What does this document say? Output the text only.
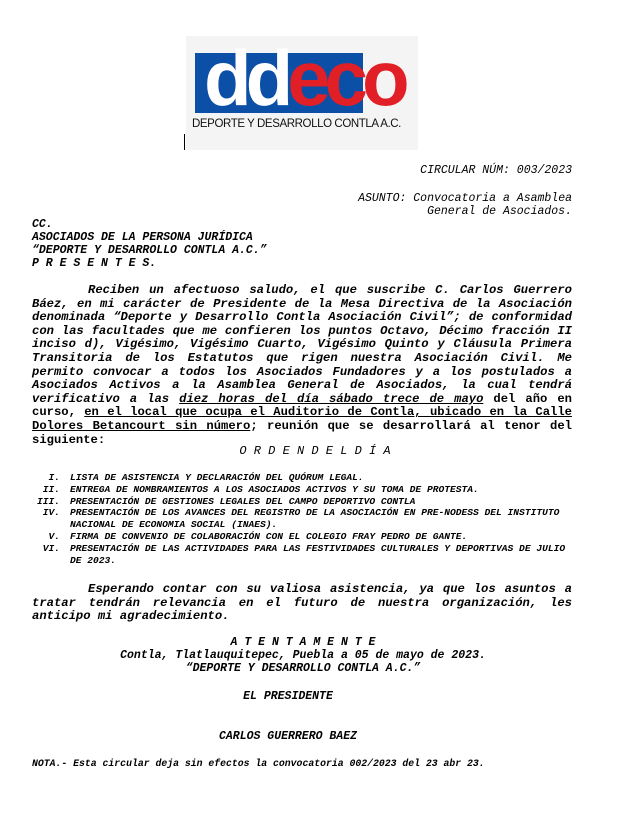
ddeco
DEPORTE Y DESARROLLO CONTLA A.C.
CIRCULAR NÚM: 003/2023
ASUNTO: Convocatoria a Asamblea
General de Asociados.
CC.
ASOCIADOS DE LA PERSONA JURÍDICA
“DEPORTE Y DESARROLLO CONTLA A.C.”
P R E S E N T E S.

Reciben un afectuoso saludo, el que suscribe C. Carlos Guerrero Báez, en mi carácter de Presidente de la Mesa Directiva de la Asociación denominada “Deporte y Desarrollo Contla Asociación Civil”; de conformidad con las facultades que me confieren los puntos Octavo, Décimo fracción II inciso d), Vigésimo, Vigésimo Cuarto, Vigésimo Quinto y Cláusula Primera Transitoria de los Estatutos que rigen nuestra Asociación Civil. Me permito convocar a todos los Asociados Fundadores y a los postulados a Asociados Activos a la Asamblea General de Asociados, la cual tendrá verificativo a las diez horas del día sábado trece de mayo del año en curso, en el local que ocupa el Auditorio de Contla, ubicado en la Calle Dolores Betancourt sin número; reunión que se desarrollará al tenor del siguiente:

O R D E N D E L D Í A
I.	LISTA DE ASISTENCIA Y DECLARACIÓN DEL QUÓRUM LEGAL.
II.	ENTREGA DE NOMBRAMIENTOS A LOS ASOCIADOS ACTIVOS Y SU TOMA DE PROTESTA.
III.	PRESENTACIÓN DE GESTIONES LEGALES DEL CAMPO DEPORTIVO CONTLA
IV.	PRESENTACIÓN DE LOS AVANCES DEL REGISTRO DE LA ASOCIACIÓN EN PRE-NODESS DEL INSTITUTO NACIONAL DE ECONOMIA SOCIAL (INAES).
V.	FIRMA DE CONVENIO DE COLABORACIÓN CON EL COLEGIO FRAY PEDRO DE GANTE.
VI.	PRESENTACIÓN DE LAS ACTIVIDADES PARA LAS FESTIVIDADES CULTURALES Y DEPORTIVAS DE JULIO DE 2023.

Esperando contar con su valiosa asistencia, ya que los asuntos a tratar tendrán relevancia en el futuro de nuestra organización, les anticipo mi agradecimiento.

A T E N T A M E N T E
Contla, Tlatlauquitepec, Puebla a 05 de mayo de 2023.
“DEPORTE Y DESARROLLO CONTLA A.C.”
EL PRESIDENTE
CARLOS GUERRERO BAEZ
NOTA.- Esta circular deja sin efectos la convocatoria 002/2023 del 23 abr 23.
